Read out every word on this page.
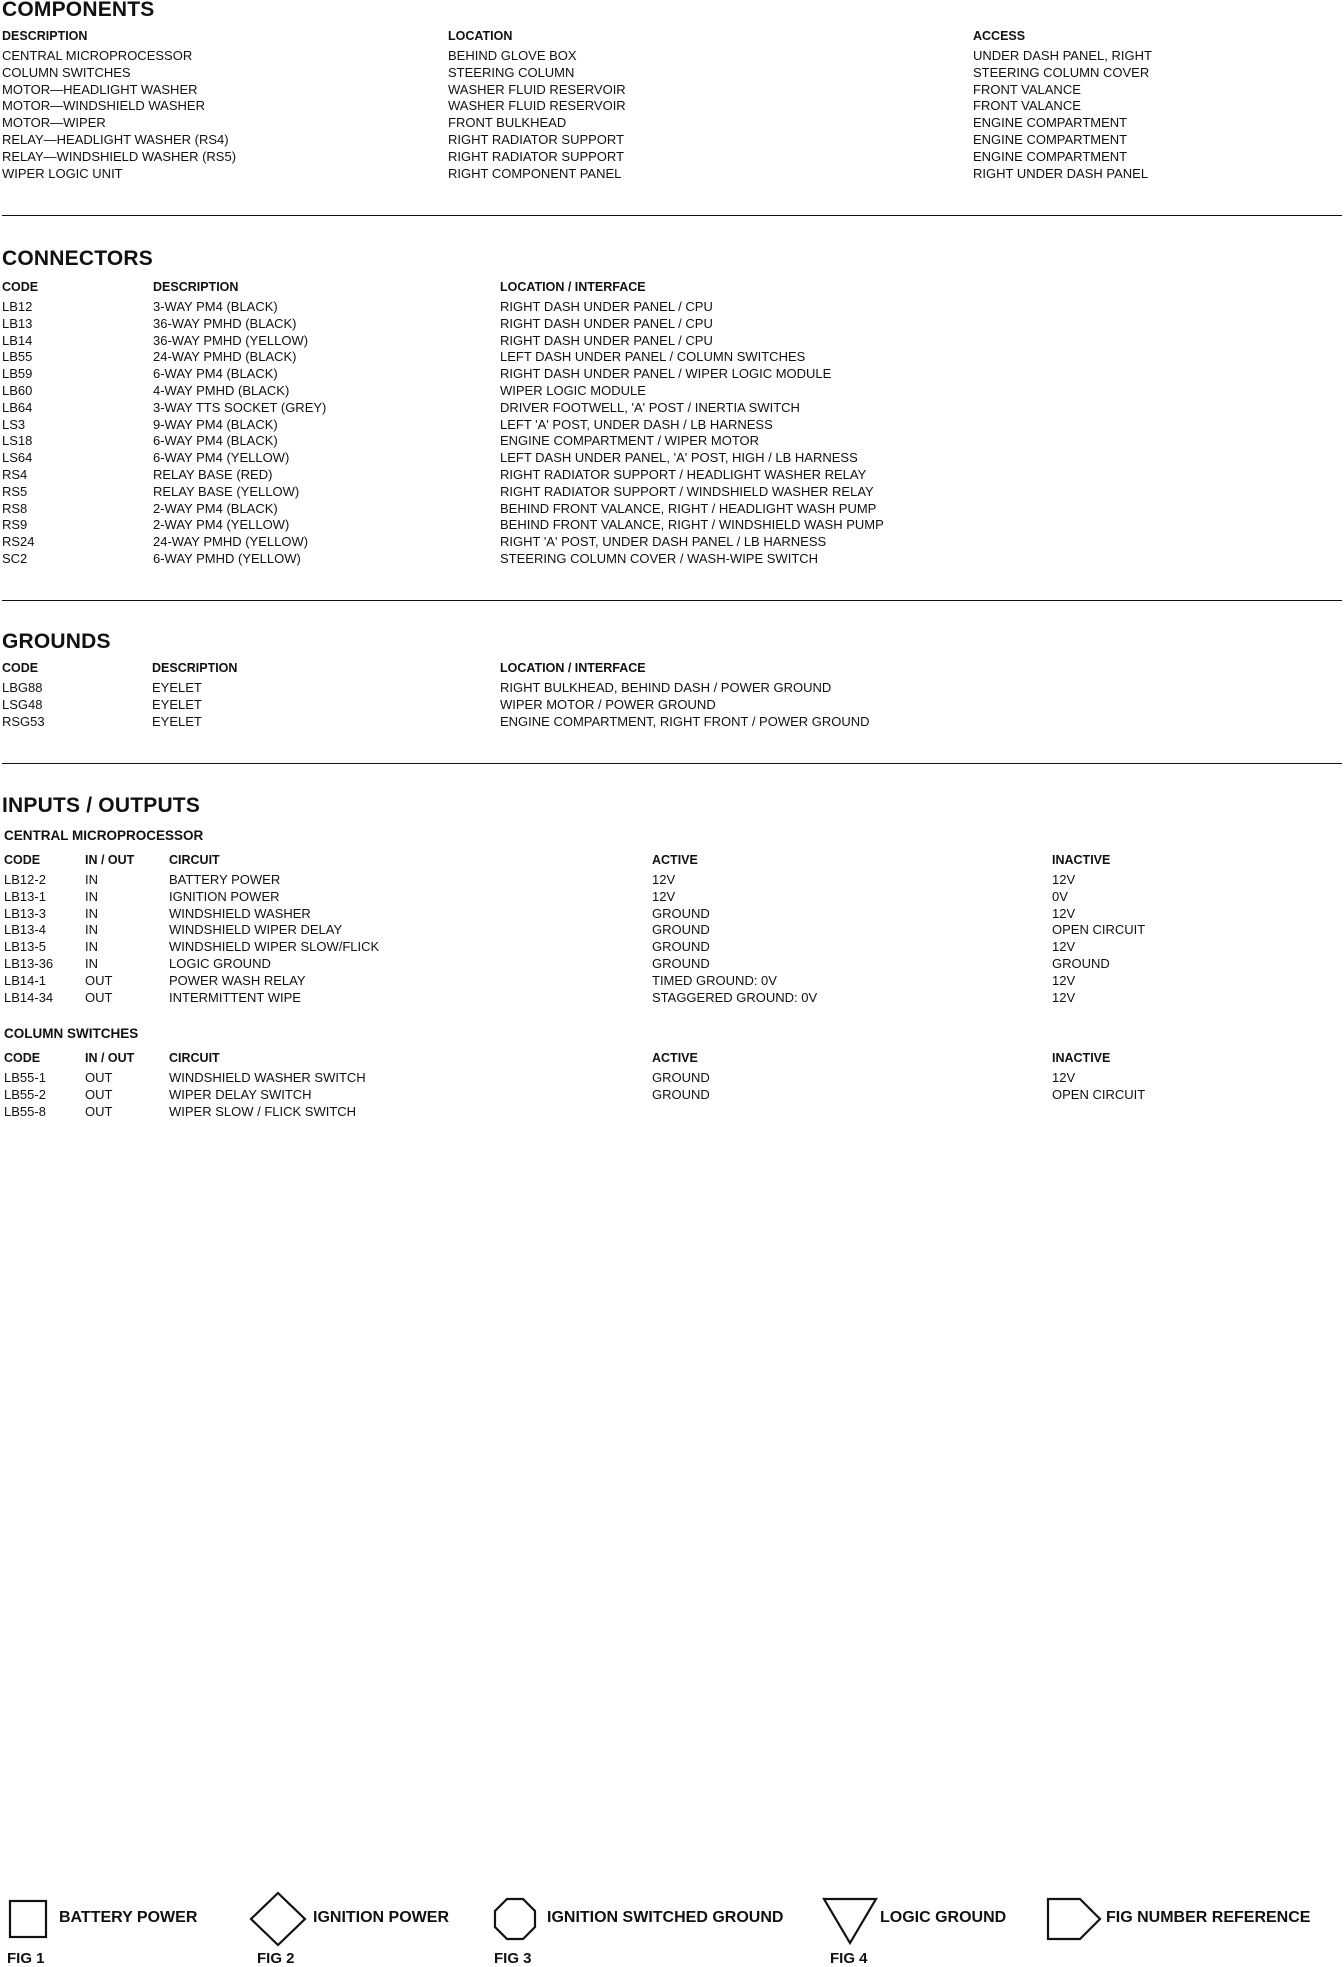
COMPONENTS
DESCRIPTION	LOCATION	ACCESS
CENTRAL MICROPROCESSOR	BEHIND GLOVE BOX	UNDER DASH PANEL, RIGHT
COLUMN SWITCHES	STEERING COLUMN	STEERING COLUMN COVER
MOTOR—HEADLIGHT WASHER	WASHER FLUID RESERVOIR	FRONT VALANCE
MOTOR—WINDSHIELD WASHER	WASHER FLUID RESERVOIR	FRONT VALANCE
MOTOR—WIPER	FRONT BULKHEAD	ENGINE COMPARTMENT
RELAY—HEADLIGHT WASHER (RS4)	RIGHT RADIATOR SUPPORT	ENGINE COMPARTMENT
RELAY—WINDSHIELD WASHER (RS5)	RIGHT RADIATOR SUPPORT	ENGINE COMPARTMENT
WIPER LOGIC UNIT	RIGHT COMPONENT PANEL	RIGHT UNDER DASH PANEL
CONNECTORS
CODE	DESCRIPTION	LOCATION / INTERFACE
LB12	3-WAY PM4 (BLACK)	RIGHT DASH UNDER PANEL / CPU
LB13	36-WAY PMHD (BLACK)	RIGHT DASH UNDER PANEL / CPU
LB14	36-WAY PMHD (YELLOW)	RIGHT DASH UNDER PANEL / CPU
LB55	24-WAY PMHD (BLACK)	LEFT DASH UNDER PANEL / COLUMN SWITCHES
LB59	6-WAY PM4 (BLACK)	RIGHT DASH UNDER PANEL / WIPER LOGIC MODULE
LB60	4-WAY PMHD (BLACK)	WIPER LOGIC MODULE
LB64	3-WAY TTS SOCKET (GREY)	DRIVER FOOTWELL, 'A' POST / INERTIA SWITCH
LS3	9-WAY PM4 (BLACK)	LEFT 'A' POST, UNDER DASH / LB HARNESS
LS18	6-WAY PM4 (BLACK)	ENGINE COMPARTMENT / WIPER MOTOR
LS64	6-WAY PM4 (YELLOW)	LEFT DASH UNDER PANEL, 'A' POST, HIGH / LB HARNESS
RS4	RELAY BASE (RED)	RIGHT RADIATOR SUPPORT / HEADLIGHT WASHER RELAY
RS5	RELAY BASE (YELLOW)	RIGHT RADIATOR SUPPORT / WINDSHIELD WASHER RELAY
RS8	2-WAY PM4 (BLACK)	BEHIND FRONT VALANCE, RIGHT / HEADLIGHT WASH PUMP
RS9	2-WAY PM4 (YELLOW)	BEHIND FRONT VALANCE, RIGHT / WINDSHIELD WASH PUMP
RS24	24-WAY PMHD (YELLOW)	RIGHT 'A' POST, UNDER DASH PANEL / LB HARNESS
SC2	6-WAY PMHD (YELLOW)	STEERING COLUMN COVER / WASH-WIPE SWITCH
GROUNDS
CODE	DESCRIPTION	LOCATION / INTERFACE
LBG88	EYELET	RIGHT BULKHEAD, BEHIND DASH / POWER GROUND
LSG48	EYELET	WIPER MOTOR / POWER GROUND
RSG53	EYELET	ENGINE COMPARTMENT, RIGHT FRONT / POWER GROUND
INPUTS / OUTPUTS
CENTRAL MICROPROCESSOR
CODE	IN / OUT	CIRCUIT	ACTIVE	INACTIVE
LB12-2	IN	BATTERY POWER	12V	12V
LB13-1	IN	IGNITION POWER	12V	0V
LB13-3	IN	WINDSHIELD WASHER	GROUND	12V
LB13-4	IN	WINDSHIELD WIPER DELAY	GROUND	OPEN CIRCUIT
LB13-5	IN	WINDSHIELD WIPER SLOW/FLICK	GROUND	12V
LB13-36 IN	LOGIC GROUND	GROUND	GROUND
LB14-1	OUT	POWER WASH RELAY	TIMED GROUND: 0V	12V
LB14-34 OUT	INTERMITTENT WIPE	STAGGERED GROUND: 0V	12V
COLUMN SWITCHES
CODE	IN / OUT	CIRCUIT	ACTIVE	INACTIVE
LB55-1	OUT	WINDSHIELD WASHER SWITCH	GROUND	12V
LB55-2	OUT	WIPER DELAY SWITCH	GROUND	OPEN CIRCUIT
LB55-8	OUT	WIPER SLOW / FLICK SWITCH
BATTERY POWER
FIG 1
IGNITION POWER
FIG 2
IGNITION SWITCHED GROUND
FIG 3
LOGIC GROUND
FIG 4
FIG NUMBER REFERENCE
